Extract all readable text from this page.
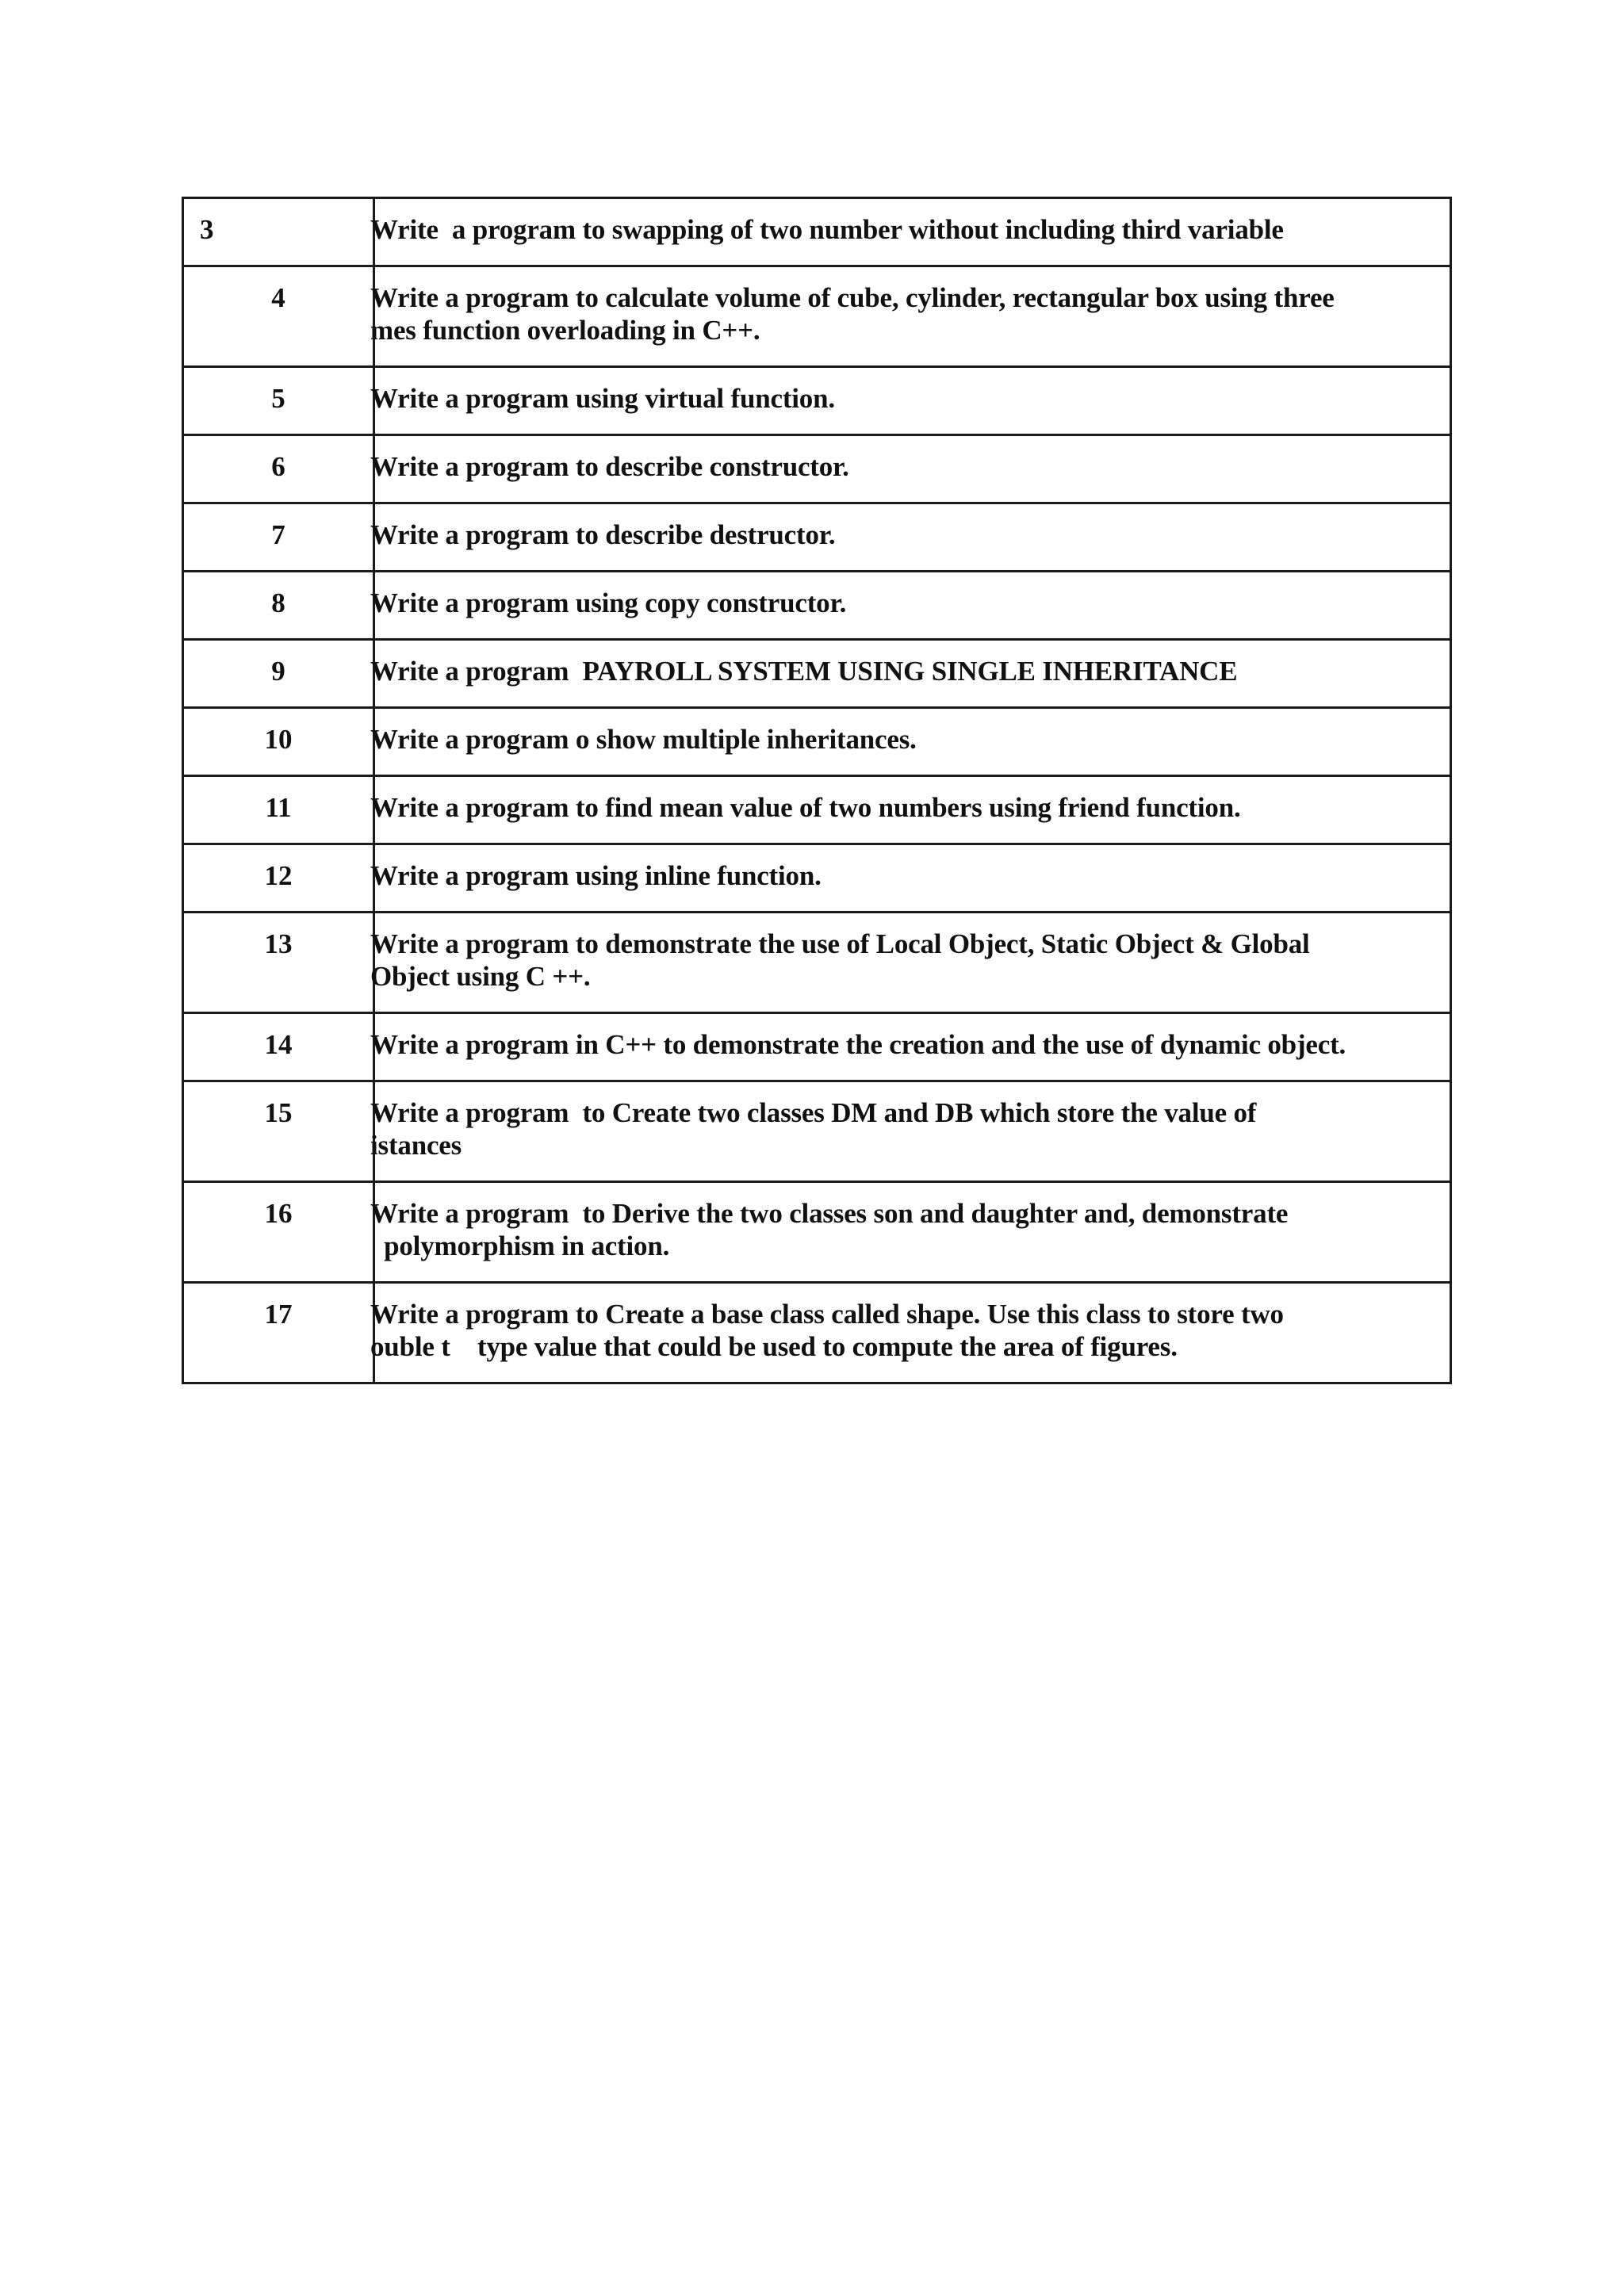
3	Write  a program to swapping of two number without including third variable

4	Write a program to calculate volume of cube, cylinder, rectangular box using three
mes function overloading in C++.

5	Write a program using virtual function.

6	Write a program to describe constructor.

7	Write a program to describe destructor.

8	Write a program using copy constructor.

9	Write a program  PAYROLL SYSTEM USING SINGLE INHERITANCE

10	Write a program o show multiple inheritances.

11	Write a program to find mean value of two numbers using friend function.

12	Write a program using inline function.

13	Write a program to demonstrate the use of Local Object, Static Object & Global
Object using C ++.

14	Write a program in C++ to demonstrate the creation and the use of dynamic object.

15	Write a program  to Create two classes DM and DB which store the value of
istances

16	Write a program  to Derive the two classes son and daughter and, demonstrate
polymorphism in action.

17	Write a program to Create a base class called shape. Use this class to store two
ouble t    type value that could be used to compute the area of figures.
